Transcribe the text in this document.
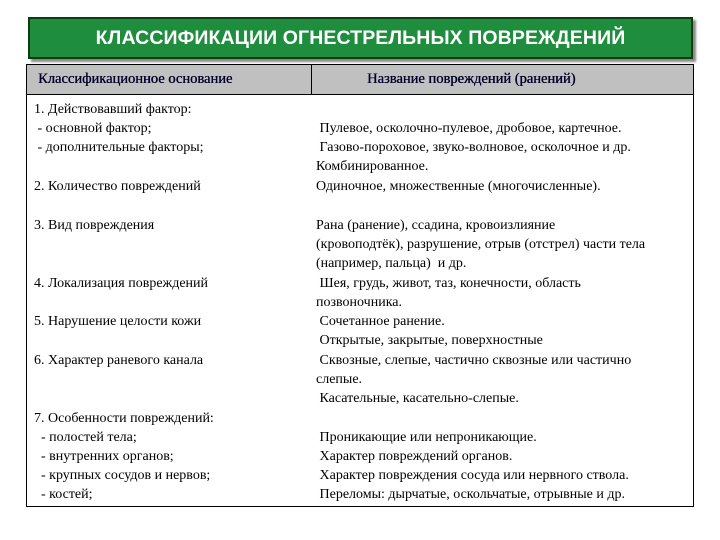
КЛАССИФИКАЦИИ ОГНЕСТРЕЛЬНЫХ ПОВРЕЖДЕНИЙ
Классификационное основание	Название повреждений (ранений)
1. Действовавший фактор:
- основной фактор;
- дополнительные факторы;
2. Количество повреждений
3. Вид повреждения
4. Локализация повреждений
5. Нарушение целости кожи
6. Характер раневого канала
7. Особенности повреждений:
- полостей тела;
- внутренних органов;
- крупных сосудов и нервов;
- костей;
Пулевое, осколочно-пулевое, дробовое, картечное.
Газово-пороховое, звуко-волновое, осколочное и др.
Комбинированное.
Одиночное, множественные (многочисленные).
Рана (ранение), ссадина, кровоизлияние
(кровоподтёк), разрушение, отрыв (отстрел) части тела
(например, пальца)  и др.
Шея, грудь, живот, таз, конечности, область
позвоночника.
Сочетанное ранение.
Открытые, закрытые, поверхностные
Сквозные, слепые, частично сквозные или частично
слепые.
Касательные, касательно-слепые.
Проникающие или непроникающие.
Характер повреждений органов.
Характер повреждения сосуда или нервного ствола.
Переломы: дырчатые, оскольчатые, отрывные и др.
